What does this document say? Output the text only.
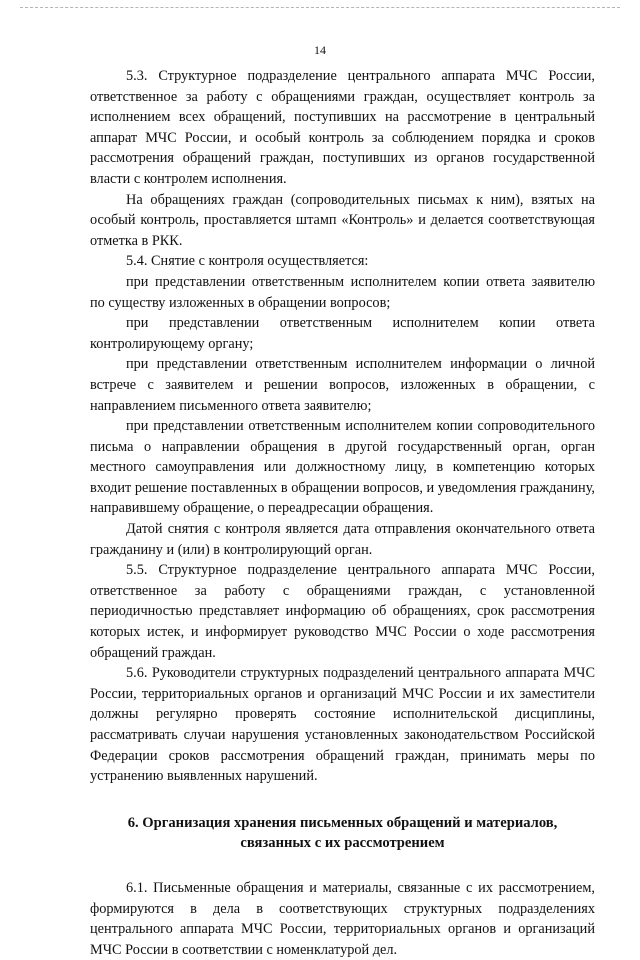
14

5.3. Структурное подразделение центрального аппарата МЧС России, ответственное за работу с обращениями граждан, осуществляет контроль за исполнением всех обращений, поступивших на рассмотрение в центральный аппарат МЧС России, и особый контроль за соблюдением порядка и сроков рассмотрения обращений граждан, поступивших из органов государственной власти с контролем исполнения.

На обращениях граждан (сопроводительных письмах к ним), взятых на особый контроль, проставляется штамп «Контроль» и делается соответствующая отметка в РКК.

5.4. Снятие с контроля осуществляется:

при представлении ответственным исполнителем копии ответа заявителю по существу изложенных в обращении вопросов;

при представлении ответственным исполнителем копии ответа контролирующему органу;

при представлении ответственным исполнителем информации о личной встрече с заявителем и решении вопросов, изложенных в обращении, с направлением письменного ответа заявителю;

при представлении ответственным исполнителем копии сопроводительного письма о направлении обращения в другой государственный орган, орган местного самоуправления или должностному лицу, в компетенцию которых входит решение поставленных в обращении вопросов, и уведомления гражданину, направившему обращение, о переадресации обращения.

Датой снятия с контроля является дата отправления окончательного ответа гражданину и (или) в контролирующий орган.

5.5. Структурное подразделение центрального аппарата МЧС России, ответственное за работу с обращениями граждан, с установленной периодичностью представляет информацию об обращениях, срок рассмотрения которых истек, и информирует руководство МЧС России о ходе рассмотрения обращений граждан.

5.6. Руководители структурных подразделений центрального аппарата МЧС России, территориальных органов и организаций МЧС России и их заместители должны регулярно проверять состояние исполнительской дисциплины, рассматривать случаи нарушения установленных законодательством Российской Федерации сроков рассмотрения обращений граждан, принимать меры по устранению выявленных нарушений.

6. Организация хранения письменных обращений и материалов,
связанных с их рассмотрением

6.1. Письменные обращения и материалы, связанные с их рассмотрением, формируются в дела в соответствующих структурных подразделениях центрального аппарата МЧС России, территориальных органов и организаций МЧС России в соответствии с номенклатурой дел.
